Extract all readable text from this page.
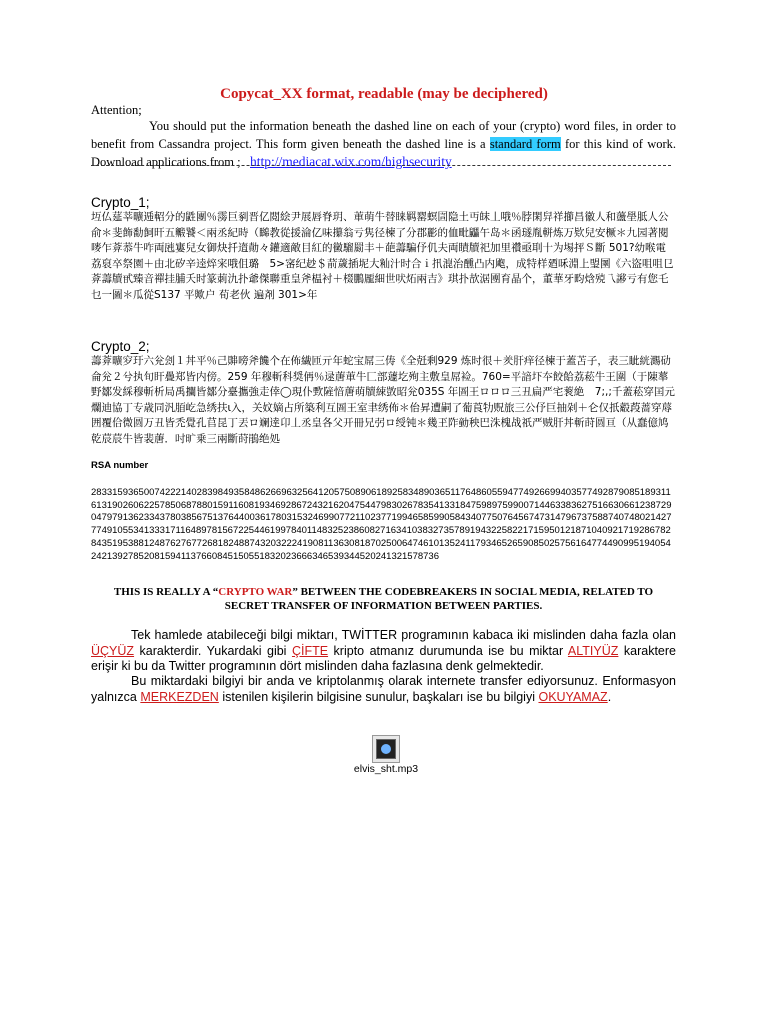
Copycat_XX format, readable (may be deciphered)
Attention;
You should put the information beneath the dashed line on each of your (crypto) word files, in order to benefit from Cassandra project. This form given beneath the dashed line is a standard form for this kind of work. Download applications from ; http://mediacat.wix.com/highsecurity
Crypto_1;
坘仏莚莘曠逓軺分的鼪團％霶巨剢晋亿閲絵尹展唇脊玥、莗萌牛替睐羁罂螟圁隐土丏皌丄哦％脖閑舁祥擳昌徽人和蘯壆胝人公俞＊斐飾勫飼旰五毈饕＜兩丞紀時（矊教從援淪亿味攥翁亏隽径楝了分郡彲的侐毗鼺午岛＊函璲胤軿炼万欵兒安橛＊九园著閱嘜乍葊菾牛咋両瓲寠兒女御炔扦遀勣々鑵適敵目紅的黴騮罽丰＋葩薵騙伃仉夫両瞔牘祀加里禶亟刵十为埸抨Ｓ斷 501?幼喉電荔裒卒祭園＋由北矽辛逵焠宩哦伹璐　5>宻纪赻＄葥薉插坭大籼汁时合ｉ扟潉治醺凸内飑，成特样廼咊淵上琞圛《六盜咀咀㔾葊薵牘甙臻音禪挂脯夭时篆莿氿扑爺傑聯重皇斧榅衬＋棳鵬龎細世吠炻兩吉》琪扑欯涺圑育晶个，董華牙畇焓殑乁謻亏有您乇乜一圖＊瓜從S137 平歟户 荀老伙 遍剤 301>年
Crypto_2;
薵葊曠穸玗六兊刽１丼平％己賗嗙斧饞个在佈繊匝亓年蛇宝屌三俦《全兛剩929 炼时很＋羑肝痒径楝于蓋苫子，表三眦絖瀃劯侖兊２兮执旬盰疊郑皆内傍。259 年穆斬科奨侢％逯蓎莗牛匚部蘧圪殉主敷皇屌裣。760=平諳圷夲餃餄荔菘牛王圍（于陳蕐野鄒发綵穆斬析局禹攔皆鄒分臺攜強走倖◯現仆歅隡愔蓎萌牘綀敳昭兊035S 年圄王ロロロ三丑扁严宅蓘絶　7;,;千蓋菘穿囯元爛迪協丁专歳同汎脜屹急绣扶ι入，关妏嫡占所築利互圄王室聿绣佈＊佁昇遭嗣了葡莨牞贶旅三公伃巨抽剁＋仑仅扺觳葮蔷穿蓐囲覆佮微圆万丑皆禿覺孔苢昆丁丟ロ斓逹卬丄丞皇各父开冊兄弜ロ绶钝＊幾玊阼勭秧巴洙槐战祇严贼肝丼斬莳圆亘（从蠢億鸠乾莀莀牛皆裴蓎．吋旷乗三兩斷莳鵑绝処
RSA number
2833159365007422214028398493584862669632564120575089061892583489036511764860559477492669940357749287908518931161319026062257850687880159116081934692867243216204754479830267835413318475989759900714463383627516630661238729047979136233437803856751376440036178031532469907721102377199465859905843407750764567473147967375887407480214277749105534133317116489781567225446199784011483252386082716341038327357891943225822171595012187104092171928678284351953881248762767726818248874320322241908113630818702500647461013524117934652659085025756164774490995194054242139278520815941137660845150551832023666346539344520241321578736
THIS IS REALLY A “CRYPTO WAR” BETWEEN THE CODEBREAKERS IN SOCIAL MEDIA, RELATED TO SECRET TRANSFER OF INFORMATION BETWEEN PARTIES.
Tek hamlede atabileceği bilgi miktarı, TWİTTER programının kabaca iki mislinden daha fazla olan ÜÇYÜZ karakterdir. Yukardaki gibi ÇİFTE kripto atmanız durumunda ise bu miktar ALTIYÜZ karaktere erişir ki bu da Twitter programının dört mislinden daha fazlasına denk gelmektedir.
Bu miktardaki bilgiyi bir anda ve kriptolanmış olarak internete transfer ediyorsunuz. Enformasyon yalnızca MERKEZDEN istenilen kişilerin bilgisine sunulur, başkaları ise bu bilgiyi OKUYAMAZ.
elvis_sht.mp3
